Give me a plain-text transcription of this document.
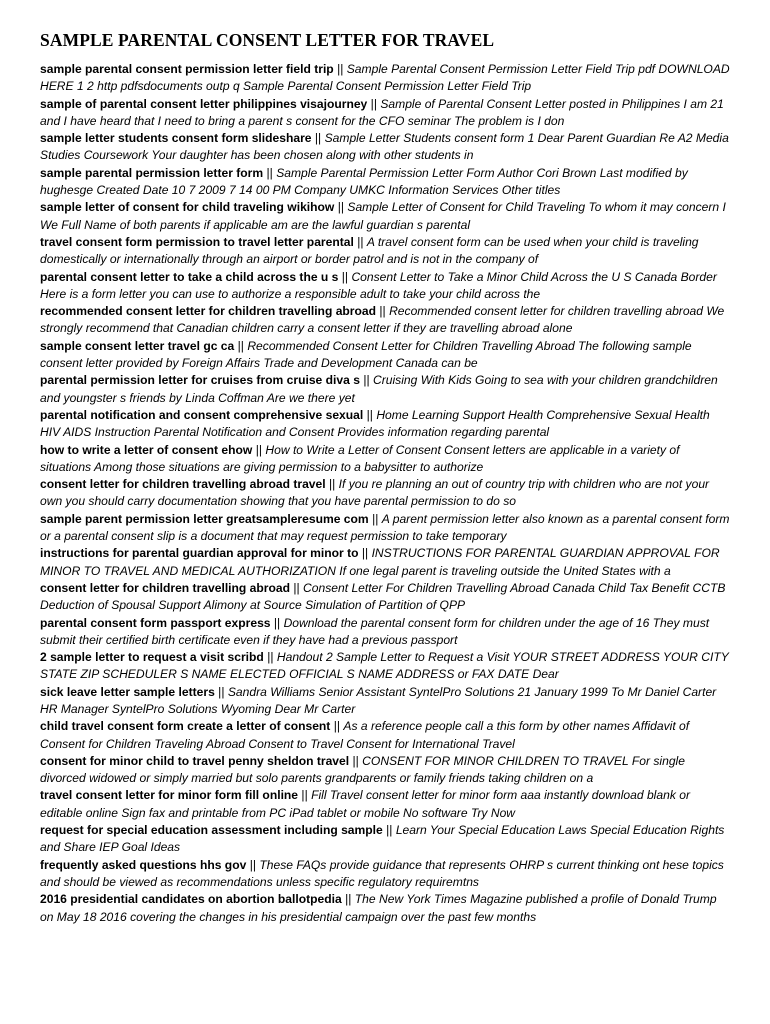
SAMPLE PARENTAL CONSENT LETTER FOR TRAVEL

sample parental consent permission letter field trip || Sample Parental Consent Permission Letter Field Trip pdf DOWNLOAD HERE 1 2 http pdfsdocuments outp q Sample Parental Consent Permission Letter Field Trip

sample of parental consent letter philippines visajourney || Sample of Parental Consent Letter posted in Philippines I am 21 and I have heard that I need to bring a parent s consent for the CFO seminar The problem is I don

sample letter students consent form slideshare || Sample Letter Students consent form 1 Dear Parent Guardian Re A2 Media Studies Coursework Your daughter has been chosen along with other students in

sample parental permission letter form || Sample Parental Permission Letter Form Author Cori Brown Last modified by hughesge Created Date 10 7 2009 7 14 00 PM Company UMKC Information Services Other titles

sample letter of consent for child traveling wikihow || Sample Letter of Consent for Child Traveling To whom it may concern I We Full Name of both parents if applicable am are the lawful guardian s parental

travel consent form permission to travel letter parental || A travel consent form can be used when your child is traveling domestically or internationally through an airport or border patrol and is not in the company of

parental consent letter to take a child across the u s || Consent Letter to Take a Minor Child Across the U S Canada Border Here is a form letter you can use to authorize a responsible adult to take your child across the

recommended consent letter for children travelling abroad || Recommended consent letter for children travelling abroad We strongly recommend that Canadian children carry a consent letter if they are travelling abroad alone

sample consent letter travel gc ca || Recommended Consent Letter for Children Travelling Abroad The following sample consent letter provided by Foreign Affairs Trade and Development Canada can be

parental permission letter for cruises from cruise diva s || Cruising With Kids Going to sea with your children grandchildren and youngster s friends by Linda Coffman Are we there yet

parental notification and consent comprehensive sexual || Home Learning Support Health Comprehensive Sexual Health HIV AIDS Instruction Parental Notification and Consent Provides information regarding parental

how to write a letter of consent ehow || How to Write a Letter of Consent Consent letters are applicable in a variety of situations Among those situations are giving permission to a babysitter to authorize

consent letter for children travelling abroad travel || If you re planning an out of country trip with children who are not your own you should carry documentation showing that you have parental permission to do so

sample parent permission letter greatsampleresume com || A parent permission letter also known as a parental consent form or a parental consent slip is a document that may request permission to take temporary

instructions for parental guardian approval for minor to || INSTRUCTIONS FOR PARENTAL GUARDIAN APPROVAL FOR MINOR TO TRAVEL AND MEDICAL AUTHORIZATION If one legal parent is traveling outside the United States with a

consent letter for children travelling abroad || Consent Letter For Children Travelling Abroad Canada Child Tax Benefit CCTB Deduction of Spousal Support Alimony at Source Simulation of Partition of QPP

parental consent form passport express || Download the parental consent form for children under the age of 16 They must submit their certified birth certificate even if they have had a previous passport

2 sample letter to request a visit scribd || Handout 2 Sample Letter to Request a Visit YOUR STREET ADDRESS YOUR CITY STATE ZIP SCHEDULER S NAME ELECTED OFFICIAL S NAME ADDRESS or FAX DATE Dear

sick leave letter sample letters || Sandra Williams Senior Assistant SyntelPro Solutions 21 January 1999 To Mr Daniel Carter HR Manager SyntelPro Solutions Wyoming Dear Mr Carter

child travel consent form create a letter of consent || As a reference people call a this form by other names Affidavit of Consent for Children Traveling Abroad Consent to Travel Consent for International Travel

consent for minor child to travel penny sheldon travel || CONSENT FOR MINOR CHILDREN TO TRAVEL For single divorced widowed or simply married but solo parents grandparents or family friends taking children on a

travel consent letter for minor form fill online || Fill Travel consent letter for minor form aaa instantly download blank or editable online Sign fax and printable from PC iPad tablet or mobile No software Try Now

request for special education assessment including sample || Learn Your Special Education Laws Special Education Rights and Share IEP Goal Ideas

frequently asked questions hhs gov || These FAQs provide guidance that represents OHRP s current thinking ont hese topics and should be viewed as recommendations unless specific regulatory requiremtns

2016 presidential candidates on abortion ballotpedia || The New York Times Magazine published a profile of Donald Trump on May 18 2016 covering the changes in his presidential campaign over the past few months
